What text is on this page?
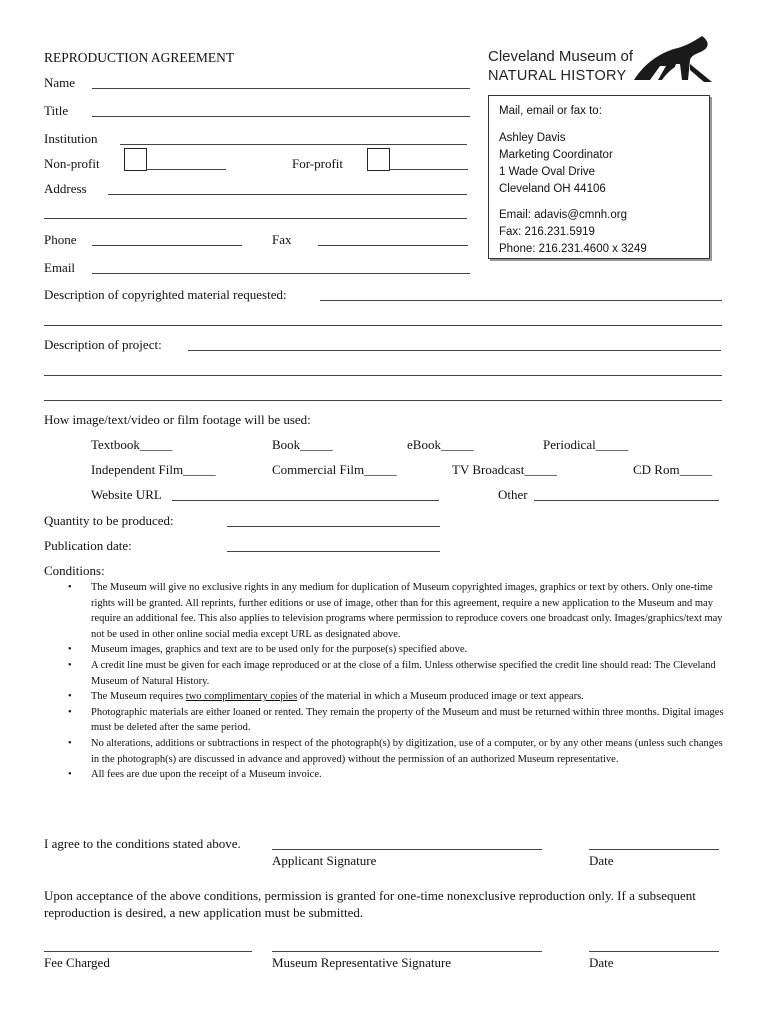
REPRODUCTION AGREEMENT	Cleveland Museum of
NATURAL HISTORY
Name
Title
Institution
Non-profit	For-profit
Address
Phone	Fax
Email
Mail, email or fax to:
Ashley Davis
Marketing Coordinator
1 Wade Oval Drive
Cleveland OH 44106
Email: adavis@cmnh.org
Fax: 216.231.5919
Phone: 216.231.4600 x 3249
Description of copyrighted material requested:
Description of project:
How image/text/video or film footage will be used:
Textbook_____	Book_____	eBook_____	Periodical_____
Independent Film_____	Commercial Film_____	TV Broadcast_____	CD Rom_____
Website URL	Other
Quantity to be produced:
Publication date:
Conditions:
• The Museum will give no exclusive rights in any medium for duplication of Museum copyrighted images, graphics or text by others. Only one-time rights will be granted. All reprints, further editions or use of image, other than for this agreement, require a new application to the Museum and may require an additional fee. This also applies to television programs where permission to reproduce covers one broadcast only. Images/graphics/text may not be used in other online social media except URL as designated above.
• Museum images, graphics and text are to be used only for the purpose(s) specified above.
• A credit line must be given for each image reproduced or at the close of a film. Unless otherwise specified the credit line should read: The Cleveland Museum of Natural History.
• The Museum requires two complimentary copies of the material in which a Museum produced image or text appears.
• Photographic materials are either loaned or rented. They remain the property of the Museum and must be returned within three months. Digital images must be deleted after the same period.
• No alterations, additions or subtractions in respect of the photograph(s) by digitization, use of a computer, or by any other means (unless such changes in the photograph(s) are discussed in advance and approved) without the permission of an authorized Museum representative.
• All fees are due upon the receipt of a Museum invoice.
I agree to the conditions stated above.
Applicant Signature	Date
Upon acceptance of the above conditions, permission is granted for one-time nonexclusive reproduction only. If a subsequent reproduction is desired, a new application must be submitted.
Fee Charged	Museum Representative Signature	Date
